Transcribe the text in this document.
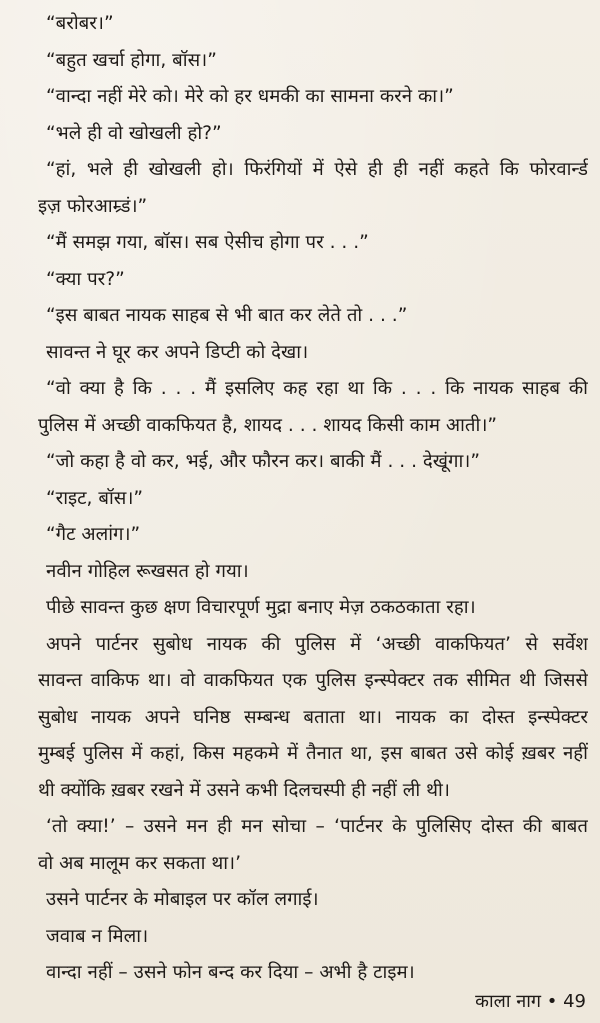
“बरोबर।”
“बहुत खर्चा होगा, बॉस।”
“वान्दा नहीं मेरे को। मेरे को हर धमकी का सामना करने का।”
“भले ही वो खोखली हो?”
“हां, भले ही खोखली हो। फिरंगियों में ऐसे ही ही नहीं कहते कि फोरवार्न्ड
इज़ फोरआम्र्डं।”
“मैं समझ गया, बॉस। सब ऐसीच होगा पर . . .”
“क्या पर?”
“इस बाबत नायक साहब से भी बात कर लेते तो . . .”
सावन्त ने घूर कर अपने डिप्टी को देखा।
“वो क्या है कि . . . मैं इसलिए कह रहा था कि . . . कि नायक साहब की
पुलिस में अच्छी वाकफियत है, शायद . . . शायद किसी काम आती।”
“जो कहा है वो कर, भई, और फौरन कर। बाकी मैं . . . देखूंगा।”
“राइट, बॉस।”
“गैट अलांग।”
नवीन गोहिल रूखसत हो गया।
पीछे सावन्त कुछ क्षण विचारपूर्ण मुद्रा बनाए मेज़ ठकठकाता रहा।
अपने पार्टनर सुबोध नायक की पुलिस में ‘अच्छी वाकफियत’ से सर्वेश
सावन्त वाकिफ था। वो वाकफियत एक पुलिस इन्स्पेक्टर तक सीमित थी जिससे
सुबोध नायक अपने घनिष्ठ सम्बन्ध बताता था। नायक का दोस्त इन्स्पेक्टर
मुम्बई पुलिस में कहां, किस महकमे में तैनात था, इस बाबत उसे कोई ख़बर नहीं
थी क्योंकि ख़बर रखने में उसने कभी दिलचस्पी ही नहीं ली थी।
‘तो क्या!’ – उसने मन ही मन सोचा – ‘पार्टनर के पुलिसिए दोस्त की बाबत
वो अब मालूम कर सकता था।’
उसने पार्टनर के मोबाइल पर कॉल लगाई।
जवाब न मिला।
वान्दा नहीं – उसने फोन बन्द कर दिया – अभी है टाइम।
काला नाग • 49
